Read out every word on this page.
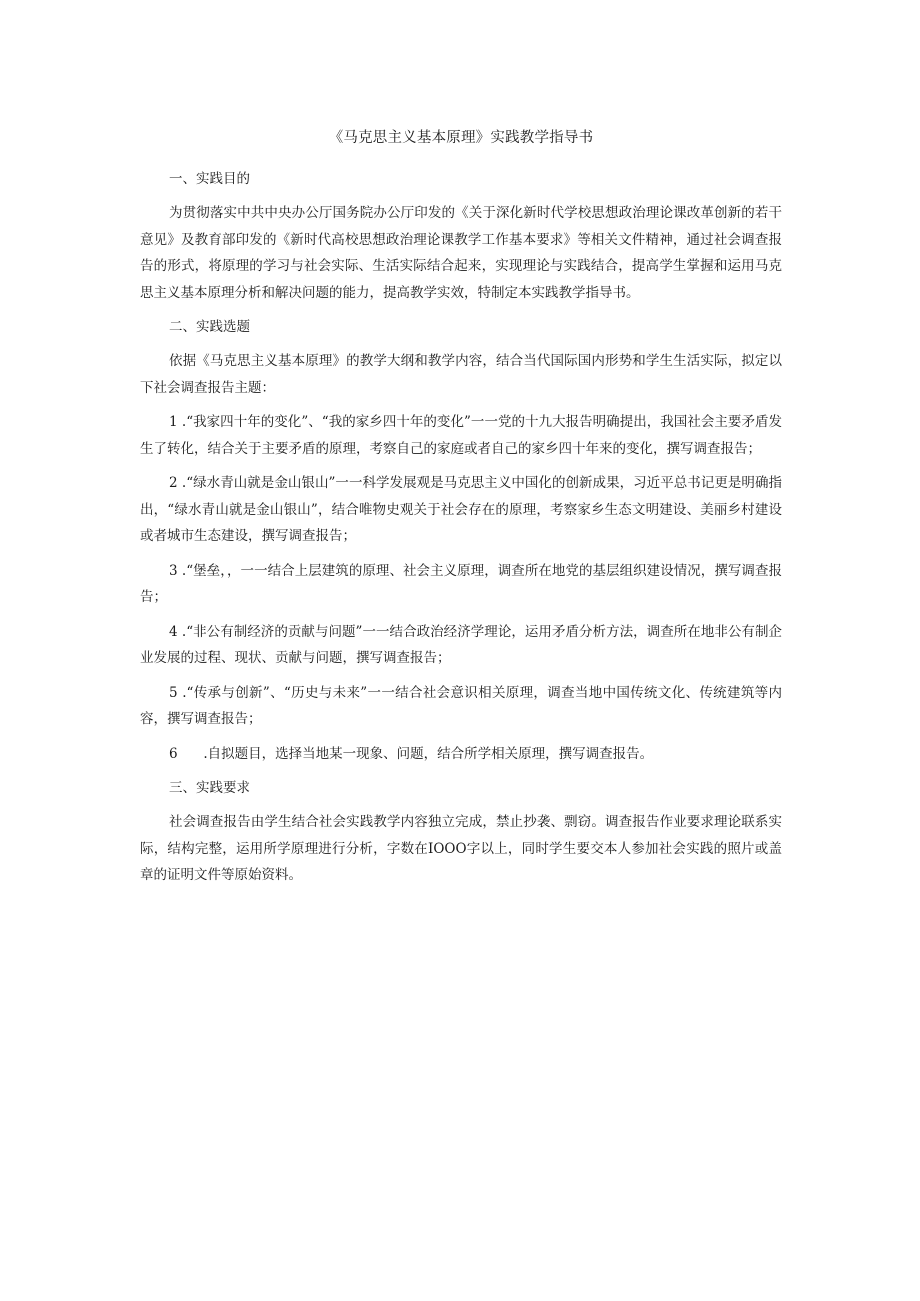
《马克思主义基本原理》实践教学指导书
一、实践目的

为贯彻落实中共中央办公厅国务院办公厅印发的《关于深化新时代学校思想政治理论课改革创新的若干意见》及教育部印发的《新时代高校思想政治理论课教学工作基本要求》等相关文件精神，通过社会调查报告的形式，将原理的学习与社会实际、生活实际结合起来，实现理论与实践结合，提高学生掌握和运用马克思主义基本原理分析和解决问题的能力，提高教学实效，特制定本实践教学指导书。

二、实践选题

依据《马克思主义基本原理》的教学大纲和教学内容，结合当代国际国内形势和学生生活实际，拟定以下社会调查报告主题：

1 .“我家四十年的变化”、“我的家乡四十年的变化”一一党的十九大报告明确提出，我国社会主要矛盾发生了转化，结合关于主要矛盾的原理，考察自己的家庭或者自己的家乡四十年来的变化，撰写调查报告；

2 .“绿水青山就是金山银山”一一科学发展观是马克思主义中国化的创新成果，习近平总书记更是明确指出，“绿水青山就是金山银山”，结合唯物史观关于社会存在的原理，考察家乡生态文明建设、美丽乡村建设或者城市生态建设，撰写调查报告；

3 .“堡垒，，一一结合上层建筑的原理、社会主义原理，调查所在地党的基层组织建设情况，撰写调查报告；

4 .“非公有制经济的贡献与问题”一一结合政治经济学理论，运用矛盾分析方法，调查所在地非公有制企业发展的过程、现状、贡献与问题，撰写调查报告；

5 .“传承与创新”、“历史与未来”一一结合社会意识相关原理，调查当地中国传统文化、传统建筑等内容，撰写调查报告；

6      .自拟题目，选择当地某一现象、问题，结合所学相关原理，撰写调查报告。

三、实践要求

社会调查报告由学生结合社会实践教学内容独立完成，禁止抄袭、剽窃。调查报告作业要求理论联系实际，结构完整，运用所学原理进行分析，字数在IOOO字以上，同时学生要交本人参加社会实践的照片或盖章的证明文件等原始资料。
